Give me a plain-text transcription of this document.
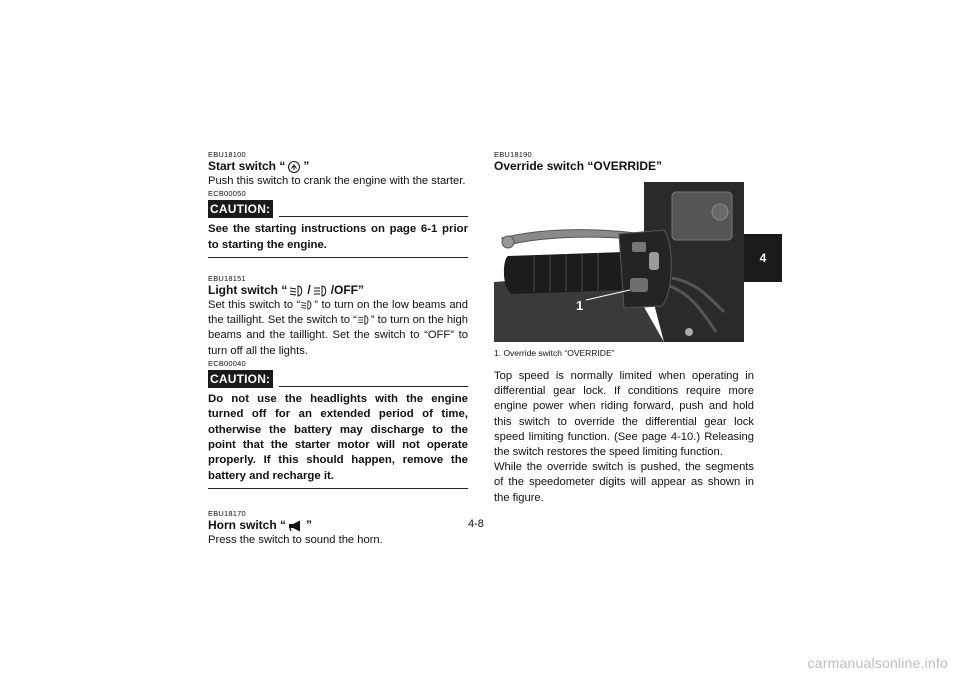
EBU18100
Start switch “ ”

Push this switch to crank the engine with the starter.

ECB00050
CAUTION:
See the starting instructions on page 6-1 prior to starting the engine.
EBU18151
Light switch “ / /OFF”

Set this switch to “ ” to turn on the low beams and the taillight. Set the switch to “ ” to turn on the high beams and the taillight. Set the switch to “OFF” to turn off all the lights.

ECB00040
CAUTION:
Do not use the headlights with the engine turned off for an extended period of time, otherwise the battery may discharge to the point that the starter motor will not operate properly. If this should happen, remove the battery and recharge it.
EBU18170
Horn switch “ ”

Press the switch to sound the horn.

EBU18190
Override switch “OVERRIDE”
1
1. Override switch “OVERRIDE”

Top speed is normally limited when operating in differential gear lock. If conditions require more engine power when riding forward, push and hold this switch to override the differential gear lock speed limiting function. (See page 4-10.) Releasing the switch restores the speed limiting function.

While the override switch is pushed, the segments of the speedometer digits will appear as shown in the figure.

4-8
4
carmanualsonline.info
